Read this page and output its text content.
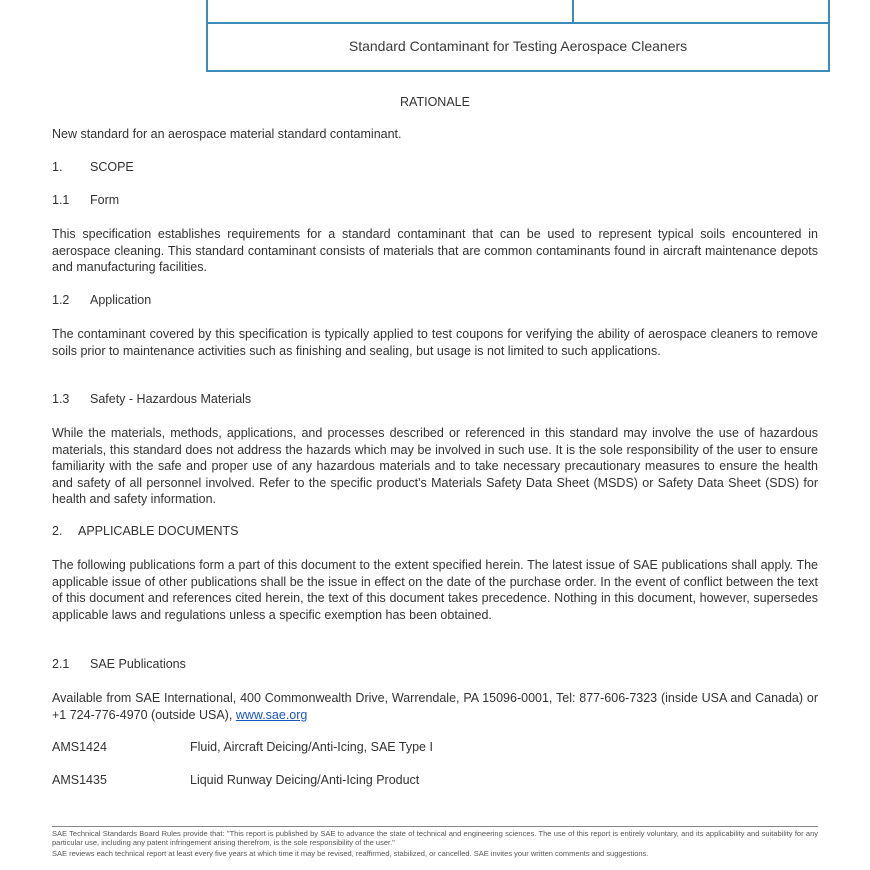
Standard Contaminant for Testing Aerospace Cleaners
RATIONALE
New standard for an aerospace material standard contaminant.
1. SCOPE
1.1 Form
This specification establishes requirements for a standard contaminant that can be used to represent typical soils encountered in aerospace cleaning. This standard contaminant consists of materials that are common contaminants found in aircraft maintenance depots and manufacturing facilities.
1.2 Application
The contaminant covered by this specification is typically applied to test coupons for verifying the ability of aerospace cleaners to remove soils prior to maintenance activities such as finishing and sealing, but usage is not limited to such applications.
1.3 Safety - Hazardous Materials
While the materials, methods, applications, and processes described or referenced in this standard may involve the use of hazardous materials, this standard does not address the hazards which may be involved in such use. It is the sole responsibility of the user to ensure familiarity with the safe and proper use of any hazardous materials and to take necessary precautionary measures to ensure the health and safety of all personnel involved. Refer to the specific product's Materials Safety Data Sheet (MSDS) or Safety Data Sheet (SDS) for health and safety information.
2. APPLICABLE DOCUMENTS
The following publications form a part of this document to the extent specified herein. The latest issue of SAE publications shall apply. The applicable issue of other publications shall be the issue in effect on the date of the purchase order. In the event of conflict between the text of this document and references cited herein, the text of this document takes precedence. Nothing in this document, however, supersedes applicable laws and regulations unless a specific exemption has been obtained.
2.1 SAE Publications
Available from SAE International, 400 Commonwealth Drive, Warrendale, PA 15096-0001, Tel: 877-606-7323 (inside USA and Canada) or +1 724-776-4970 (outside USA), www.sae.org
AMS1424	Fluid, Aircraft Deicing/Anti-Icing, SAE Type I
AMS1435	Liquid Runway Deicing/Anti-Icing Product
SAE Technical Standards Board Rules provide that: "This report is published by SAE to advance the state of technical and engineering sciences. The use of this report is entirely voluntary, and its applicability and suitability for any particular use, including any patent infringement arising therefrom, is the sole responsibility of the user."
SAE reviews each technical report at least every five years at which time it may be revised, reaffirmed, stabilized, or cancelled. SAE invites your written comments and suggestions.
